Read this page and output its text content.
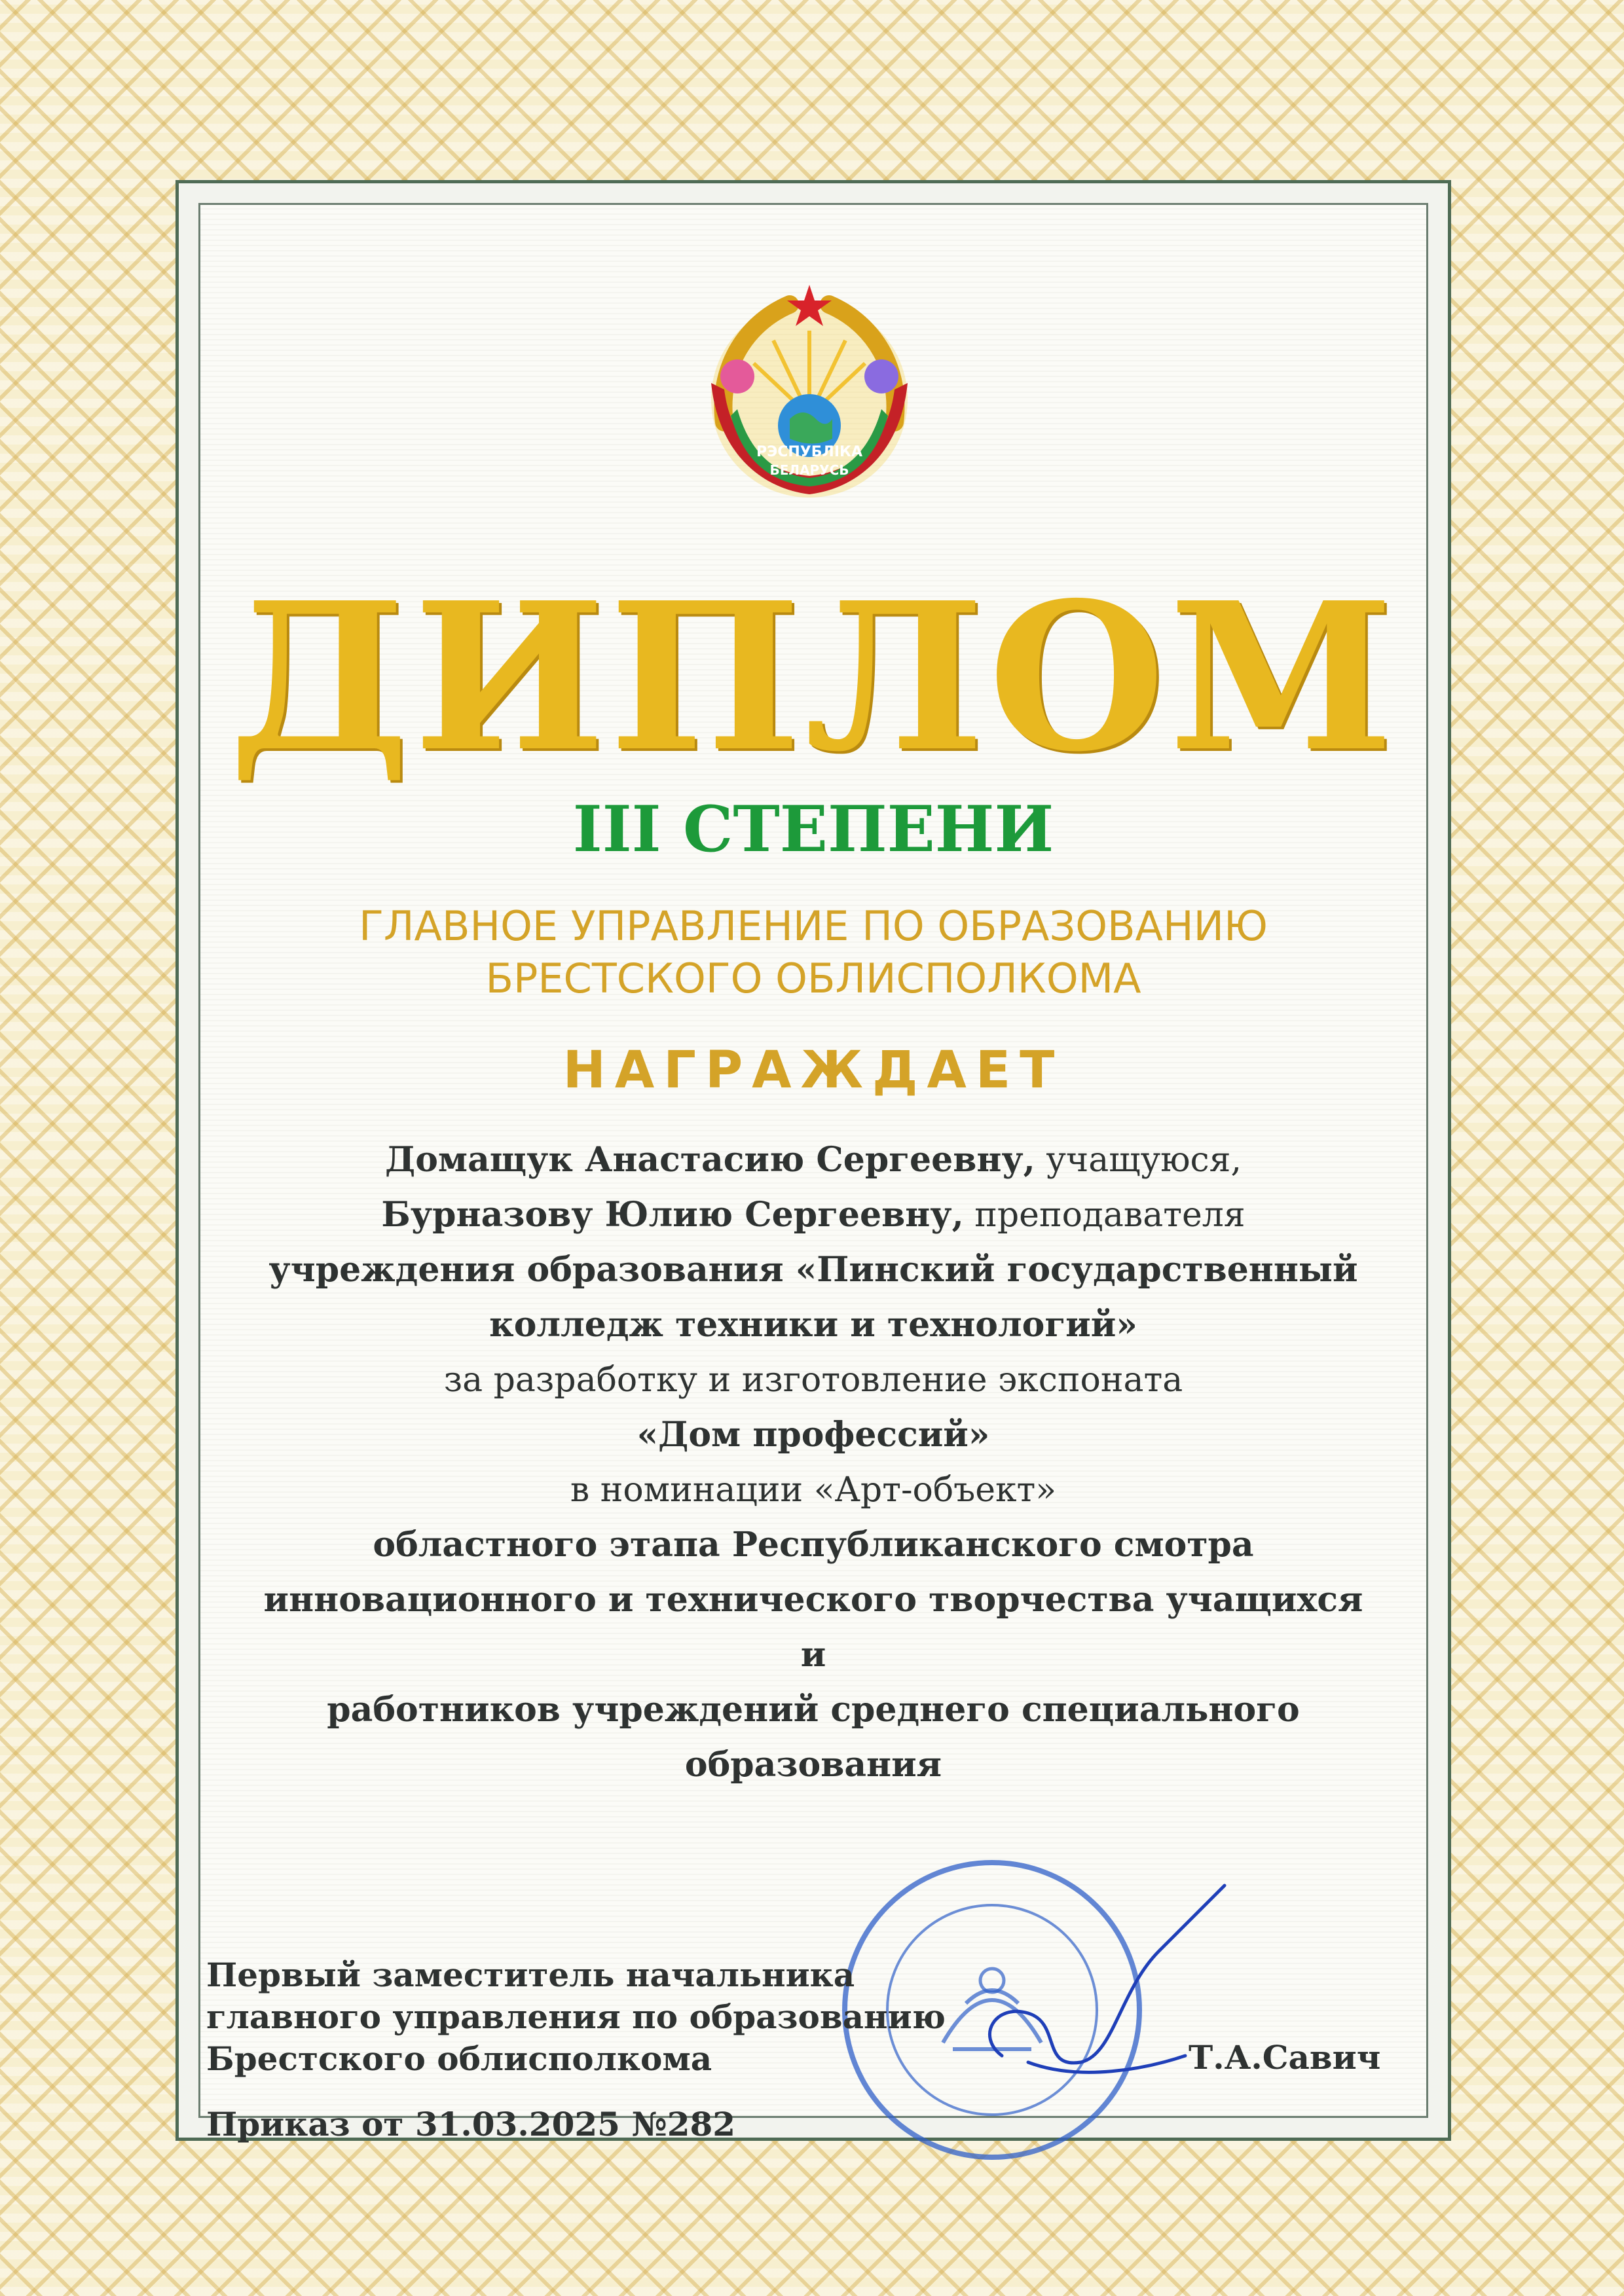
РЭСПУБЛІКА
БЕЛАРУСЬ
ДИПЛОМ
III СТЕПЕНИ
ГЛАВНОЕ УПРАВЛЕНИЕ ПО ОБРАЗОВАНИЮ
БРЕСТСКОГО ОБЛИСПОЛКОМА
НАГРАЖДАЕТ
Домащук Анастасию Сергеевну, учащуюся,
Бурназову Юлию Сергеевну, преподавателя
учреждения образования «Пинский государственный
колледж техники и технологий»
за разработку и изготовление экспоната
«Дом профессий»
в номинации «Арт-объект»
областного этапа Республиканского смотра
инновационного и технического творчества учащихся и
работников учреждений среднего специального образования
Первый заместитель начальника
главного управления по образованию
Брестского облисполкома	Т.А.Савич
Приказ от 31.03.2025 №282
